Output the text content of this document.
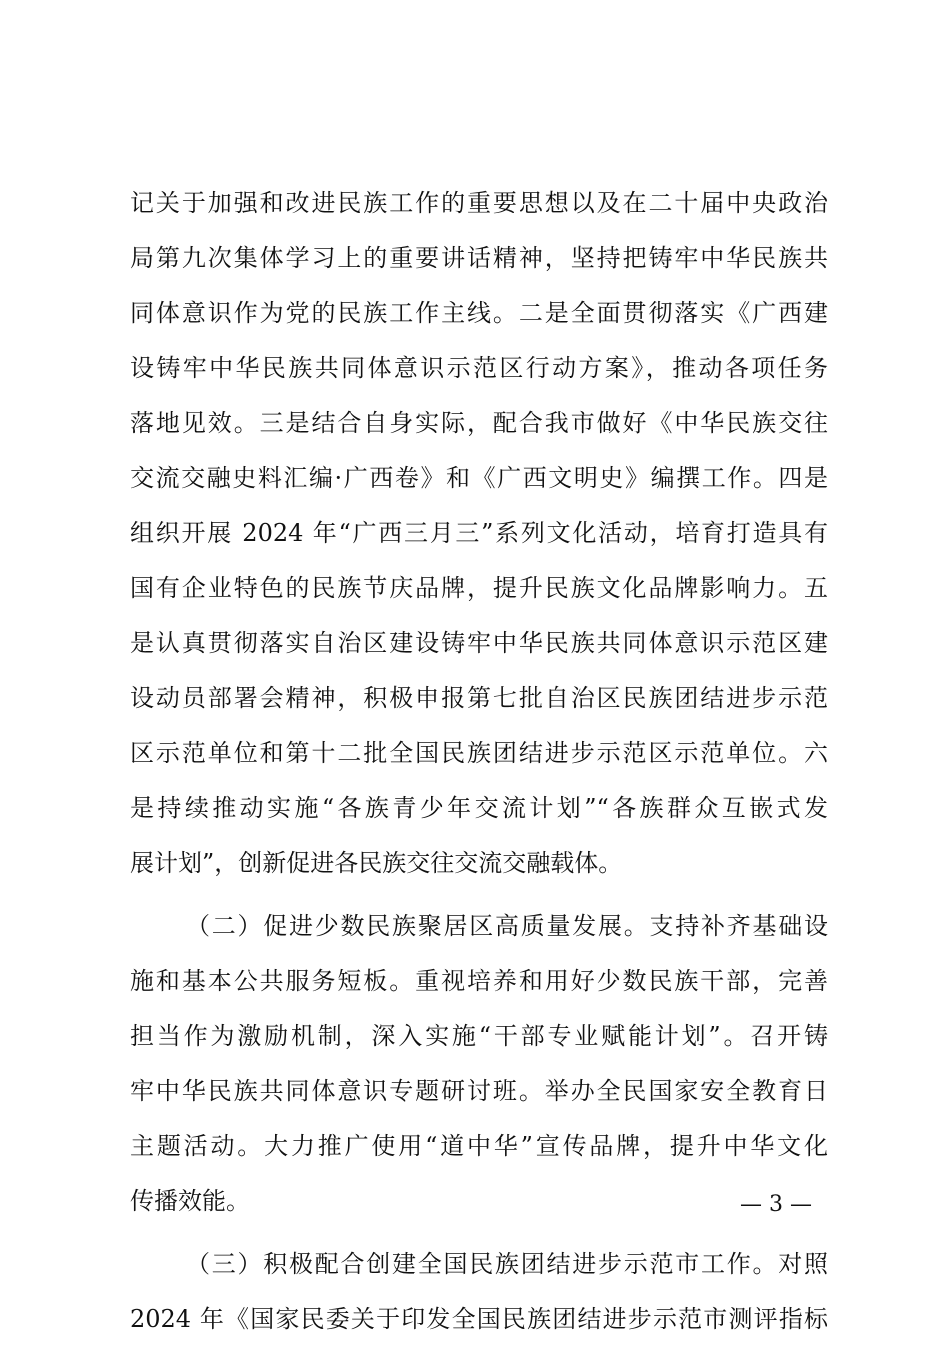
记关于加强和改进民族工作的重要思想以及在二十届中央政治
局第九次集体学习上的重要讲话精神，坚持把铸牢中华民族共
同体意识作为党的民族工作主线。二是全面贯彻落实《广西建
设铸牢中华民族共同体意识示范区行动方案》，推动各项任务
落地见效。三是结合自身实际，配合我市做好《中华民族交往
交流交融史料汇编·广西卷》和《广西文明史》编撰工作。四是
组织开展 2024 年“广西三月三”系列文化活动，培育打造具有
国有企业特色的民族节庆品牌，提升民族文化品牌影响力。五
是认真贯彻落实自治区建设铸牢中华民族共同体意识示范区建
设动员部署会精神，积极申报第七批自治区民族团结进步示范
区示范单位和第十二批全国民族团结进步示范区示范单位。六
是持续推动实施“各族青少年交流计划”“各族群众互嵌式发
展计划”，创新促进各民族交往交流交融载体。
（二）促进少数民族聚居区高质量发展。支持补齐基础设
施和基本公共服务短板。重视培养和用好少数民族干部，完善
担当作为激励机制，深入实施“干部专业赋能计划”。召开铸
牢中华民族共同体意识专题研讨班。举办全民国家安全教育日
主题活动。大力推广使用“道中华”宣传品牌，提升中华文化
传播效能。
（三）积极配合创建全国民族团结进步示范市工作。对照
2024 年《国家民委关于印发全国民族团结进步示范市测评指标
— 3 —
